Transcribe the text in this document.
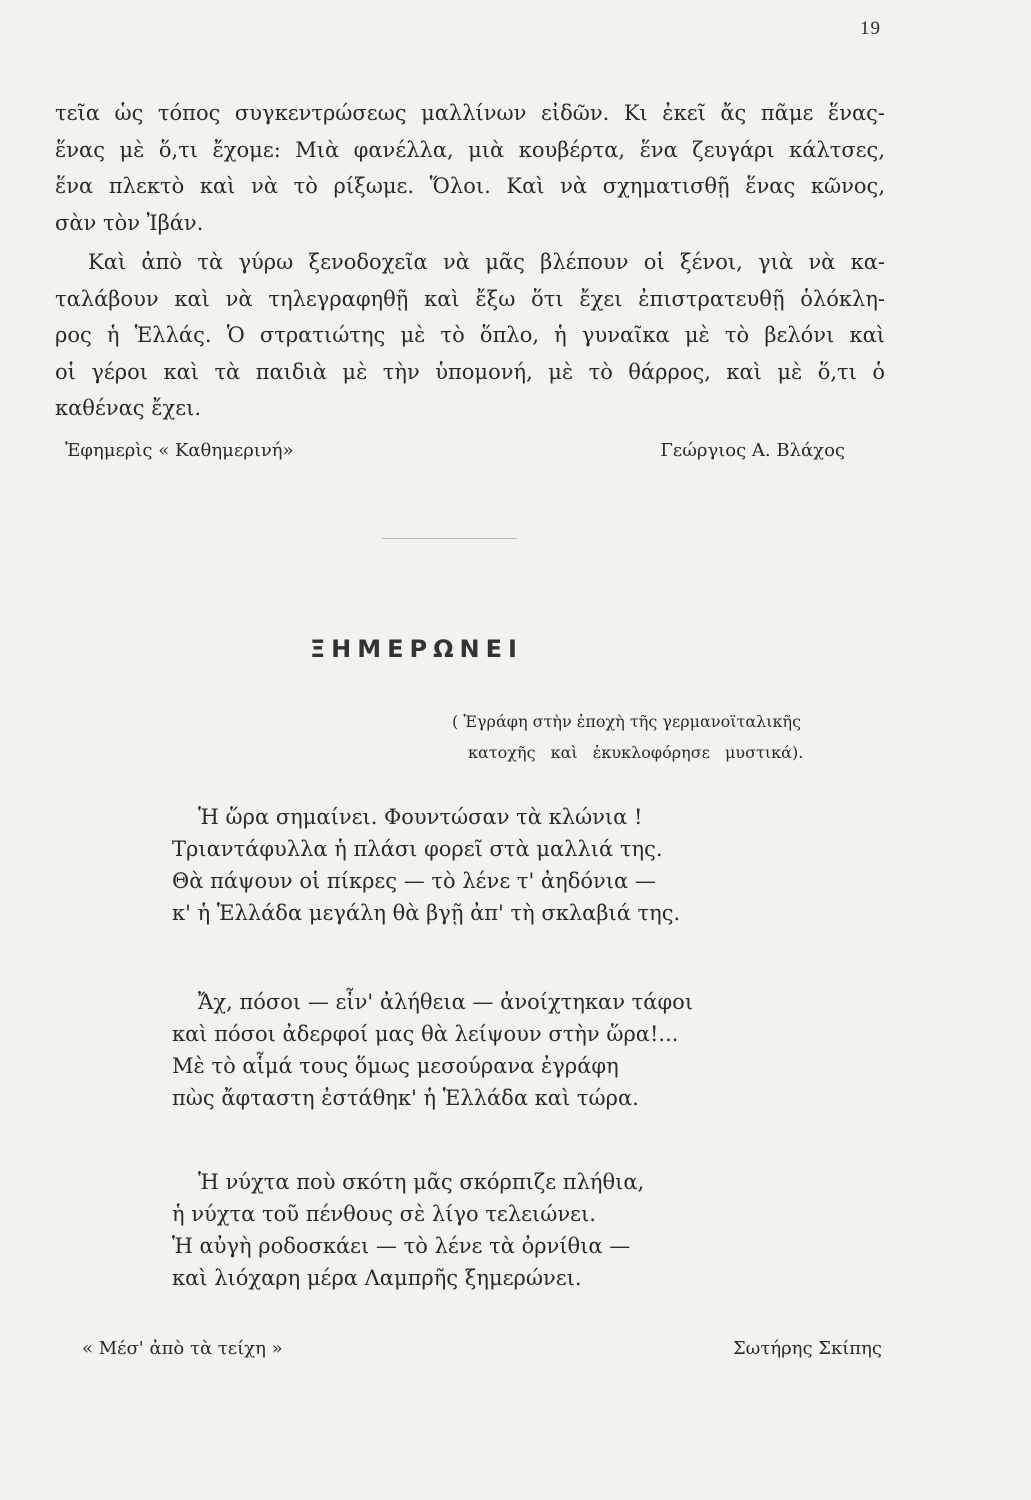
19

τεῖα ὡς τόπος συγκεντρώσεως μαλλίνων εἰδῶν. Κι ἐκεῖ ἄς πᾶμε ἕνας-
ἕνας μὲ ὅ,τι ἔχομε: Μιὰ φανέλλα, μιὰ κουβέρτα, ἕνα ζευγάρι κάλτσες,
ἕνα πλεκτὸ καὶ νὰ τὸ ρίξωμε. Ὅλοι. Καὶ νὰ σχηματισθῇ ἕνας κῶνος,
σὰν τὸν Ἰβάν.

Καὶ ἀπὸ τὰ γύρω ξενοδοχεῖα νὰ μᾶς βλέπουν οἱ ξένοι, γιὰ νὰ κα-
ταλάβουν καὶ νὰ τηλεγραφηθῇ καὶ ἔξω ὅτι ἔχει ἐπιστρατευθῇ ὁλόκλη-
ρος ἡ Ἑλλάς. Ὁ στρατιώτης μὲ τὸ ὅπλο, ἡ γυναῖκα μὲ τὸ βελόνι καὶ
οἱ γέροι καὶ τὰ παιδιὰ μὲ τὴν ὑπομονή, μὲ τὸ θάρρος, καὶ μὲ ὅ,τι ὁ
καθένας ἔχει.

Ἐφημερὶς « Καθημερινή»	Γεώργιος Α. Βλάχος
ΞΗΜΕΡΩΝΕΙ
( Ἐγράφη στὴν ἐποχὴ τῆς γερμανοϊταλικῆς
κατοχῆς καὶ ἐκυκλοφόρησε μυστικά).
Ἡ ὥρα σημαίνει. Φουντώσαν τὰ κλώνια !
Τριαντάφυλλα ἡ πλάσι φορεῖ στὰ μαλλιά της.
Θὰ πάψουν οἱ πίκρες — τὸ λένε τ' ἀηδόνια —
κ' ἡ Ἑλλάδα μεγάλη θὰ βγῇ ἀπ' τὴ σκλαβιά της.
Ἄχ, πόσοι — εἶν' ἀλήθεια — ἀνοίχτηκαν τάφοι
καὶ πόσοι ἀδερφοί μας θὰ λείψουν στὴν ὥρα!...
Μὲ τὸ αἷμά τους ὅμως μεσούρανα ἐγράφη
πὼς ἄφταστη ἐστάθηκ' ἡ Ἑλλάδα καὶ τώρα.
Ἡ νύχτα ποὺ σκότη μᾶς σκόρπιζε πλήθια,
ἡ νύχτα τοῦ πένθους σὲ λίγο τελειώνει.
Ἡ αὐγὴ ροδοσκάει — τὸ λένε τὰ ὀρνίθια —
καὶ λιόχαρη μέρα Λαμπρῆς ξημερώνει.
« Μέσ' ἀπὸ τὰ τείχη »	Σωτήρης Σκίπης
